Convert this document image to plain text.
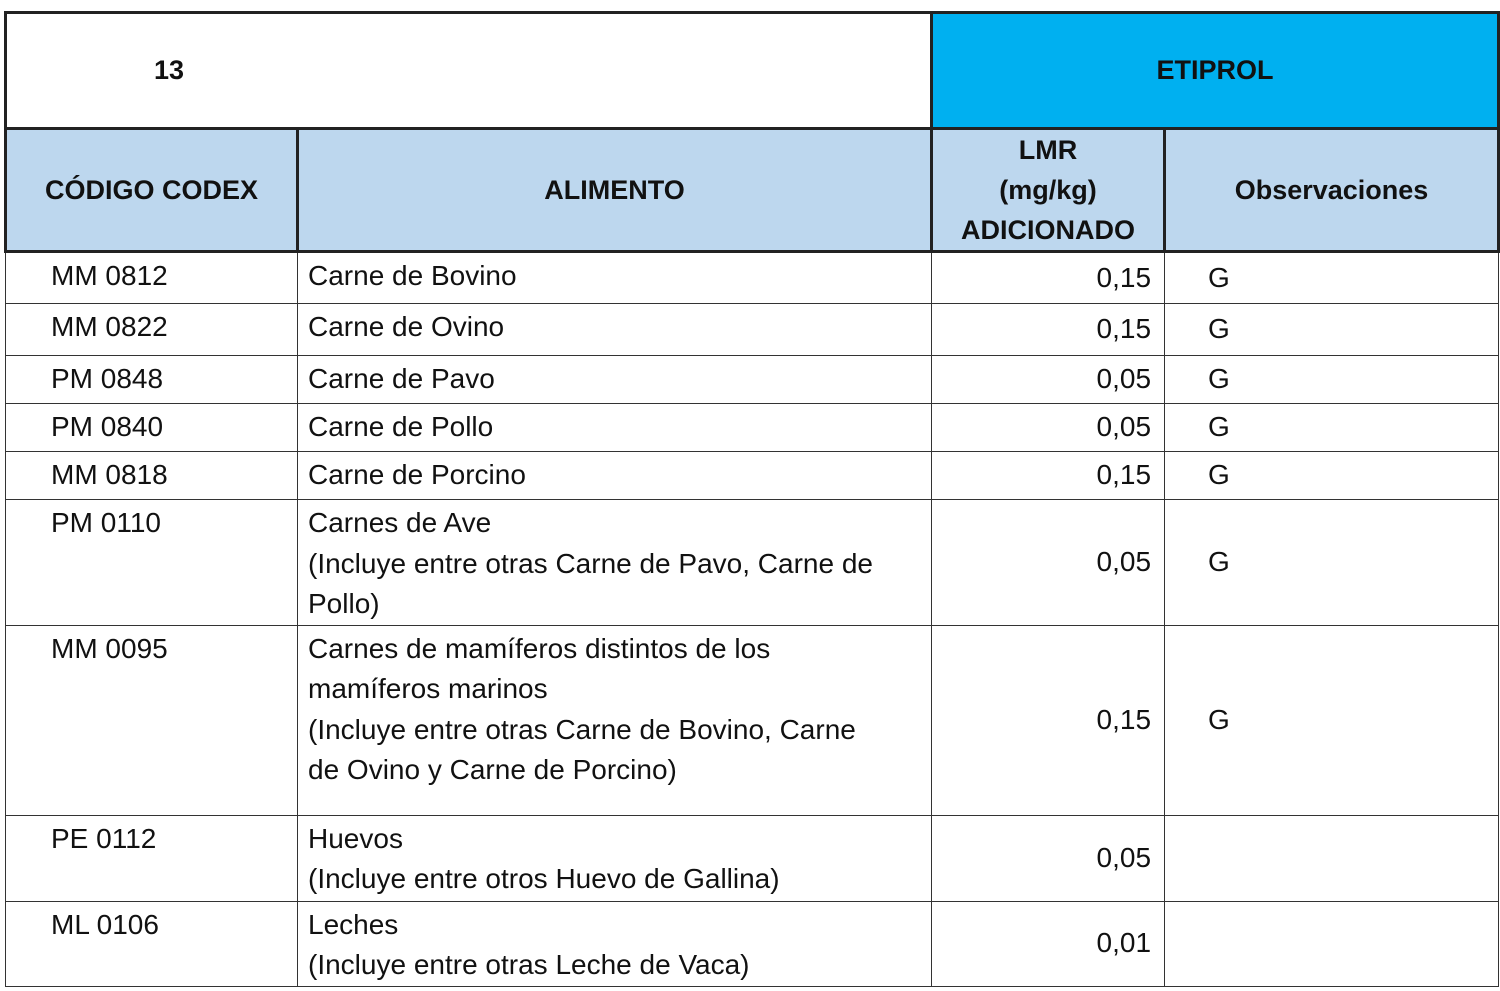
13		ETIPROL	
CÓDIGO CODEX	ALIMENTO	LMR
(mg/kg)
ADICIONADO	Observaciones
MM 0812	Carne de Bovino	0,15	G
MM 0822	Carne de Ovino	0,15	G
PM 0848	Carne de Pavo	0,05	G
PM 0840	Carne de Pollo	0,05	G
MM 0818	Carne de Porcino	0,15	G
PM 0110	Carnes de Ave
(Incluye entre otras Carne de Pavo, Carne de
Pollo)	0,05	G
MM 0095	Carnes de mamíferos distintos de los
mamíferos marinos
(Incluye entre otras Carne de Bovino, Carne
de Ovino y Carne de Porcino)	0,15	G
PE 0112	Huevos
(Incluye entre otros Huevo de Gallina)	0,05	
ML 0106	Leches
(Incluye entre otras Leche de Vaca)	0,01	
